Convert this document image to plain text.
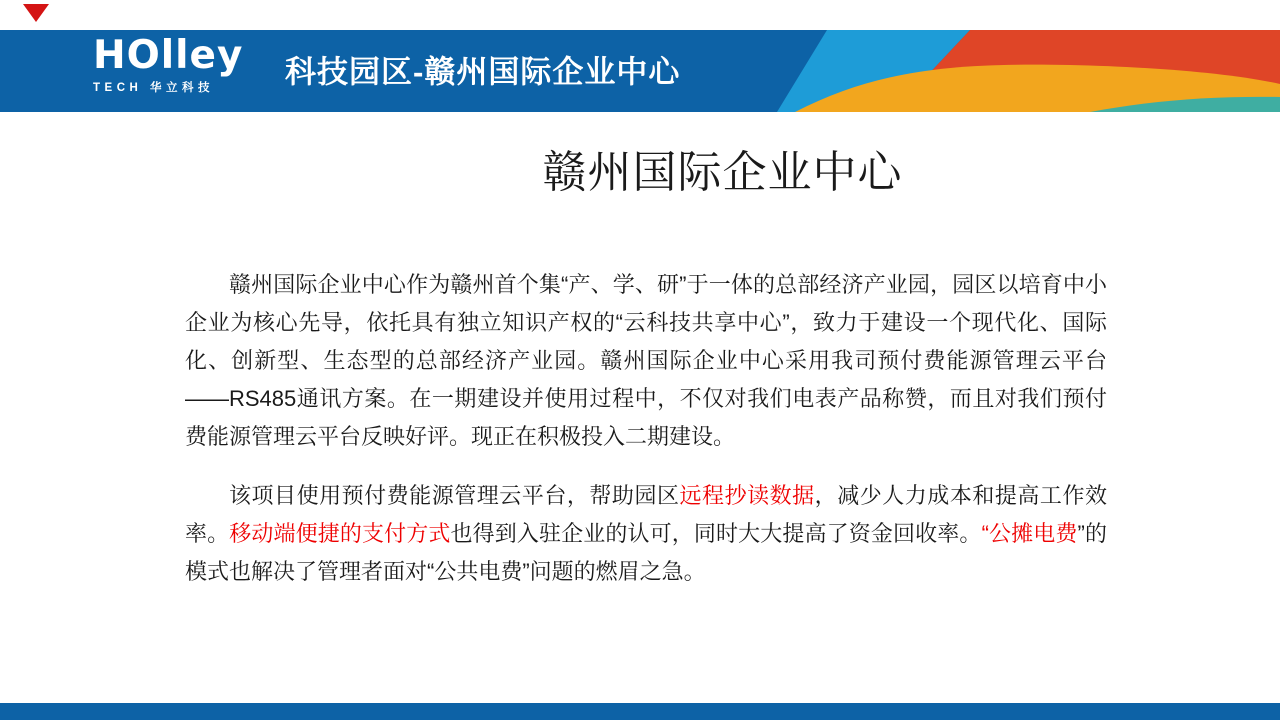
HOlley
TECH 华立科技	科技园区-赣州国际企业中心
赣州国际企业中心

赣州国际企业中心作为赣州首个集“产、学、研”于一体的总部经济产业园，园区以培育中小企业为核心先导，依托具有独立知识产权的“云科技共享中心”，致力于建设一个现代化、国际化、创新型、生态型的总部经济产业园。赣州国际企业中心采用我司预付费能源管理云平台——RS485通讯方案。在一期建设并使用过程中，不仅对我们电表产品称赞，而且对我们预付费能源管理云平台反映好评。现正在积极投入二期建设。

该项目使用预付费能源管理云平台，帮助园区远程抄读数据，减少人力成本和提高工作效率。移动端便捷的支付方式也得到入驻企业的认可，同时大大提高了资金回收率。“公摊电费”的模式也解决了管理者面对“公共电费”问题的燃眉之急。
